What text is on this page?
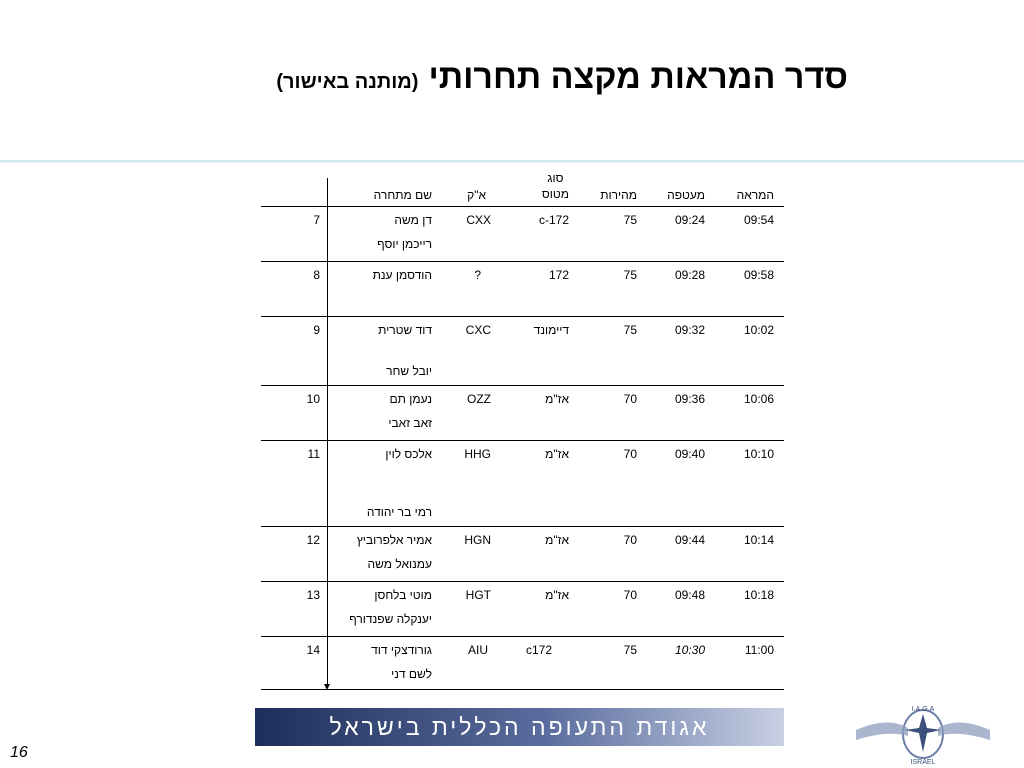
סדר המראות מקצה תחרותי(מותנה באישור)
המראה
מעטפה
מהירות
סוג
מטוס
א"ק
שם מתחרה
09:54
09:24
75
c-172
CXX
דן משה
רייכמן יוסף
7
09:58
09:28
75
172
?
הודסמן ענת
8
10:02
09:32
75
דיימונד
CXC
דוד שטרית
יובל שחר
9
10:06
09:36
70
אז"מ
OZZ
נעמן תם
זאב זאבי
10
10:10
09:40
70
אז"מ
HHG
אלכס לוין
רמי בר יהודה
11
10:14
09:44
70
אז"מ
HGN
אמיר אלפרוביץ
עמנואל משה
12
10:18
09:48
70
אז"מ
HGT
מוטי בלחסן
יענקלה שפנדורף
13
11:00
10:30
75
c172
AIU
גורודצקי דוד
לשם דני
14
אגודת התעופה הכללית בישראל
I.A.G.A
ISRAEL
16
